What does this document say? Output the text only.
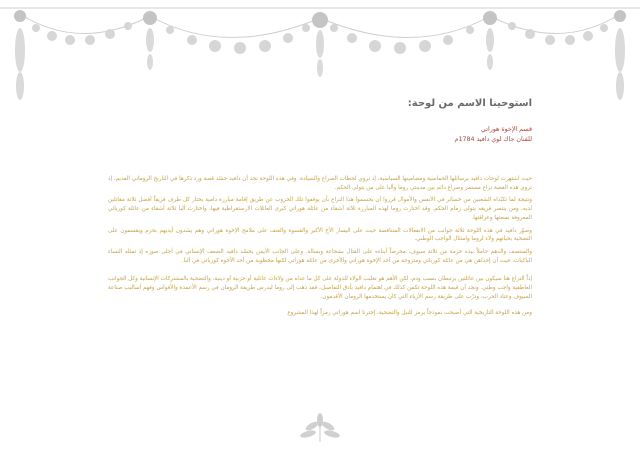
استوحينا الاسم من لوحة:

قسم الإخوة هوراتي

للفنان جاك لوي دافيد 1784م

حيث اشتهرت لوحات دافيد برسائلها الحماسية ومضامينها السياسية، إذ تروي لحظات الصراع والسيادة. وفي هذه اللوحة نجد أن دافيد جسّد قصة ورد ذكرها في التاريخ الروماني القديم، إذ تروي هذه القصة نزاع مستمر وصراع دائم بين مدينتي روما وألبا على من يتولى الحكم.

ونتيجة لما تكبّداه الشعبين من خسائر في الأنفس والأموال قرروا أن يحسموا هذا النزاع بأن يوقفوا تلك الحروب عن طريق إقامة مبارزة دامية يختار كل طرف فريقاً أفضل ثلاثة مقاتلين لديه، ومن ينتصر فريقه يتولى زمام الحكم. وقد اختارت روما لهذه المبارزة ثلاثة أشقاء من عائلة هوراتي كبرى العائلات الارستقراطية فيها، واختارت ألبا ثلاثة أشقاء من عائلة كورياتي المعروفة بمنعتها وعراقتها.

وصوّر دافيد في هذه اللوحة ثلاثة جوانب من الانفعالات المتناقضة حيث على اليسار الأخ الأكبر والقسوة والعنف على ملامح الإخوة هوراتي وهم يشدون أيديهم بحزم ويقسمون على التضحية بحياتهم ولاء لروما وامتثال الواجب الوطني.

والمنتصف والدهم حاملاً بيده حزمة من ثلاثة سيوف، محرضاً أبناءه على القتال بشجاعة وبسالة. وعلى الجانب الأيمن يجسّد دافيد الضعف الإنساني في أجلى صوره إذ تمثله النساء الباكيات، حيث أن إحداهن هي من عائلة كورياتي ومتزوجة من أحد الإخوة هوراتي والأخرى من عائلة هوراتي لكنها مخطوبة من أحد الأخوة كورياتي في ألبا.

إذاً النزاع هنا سيكون بين عائلتين يرتبطان بنسب ودم، لكن الأهم هو تغليب الولاء للدولة على كل ما عداه من ولاءات عائلية أو حزبية أو دينية، والتضحية بالمشتركات الإنسانية وكل الجوانب العاطفية واجب وطني. ونجد أن قيمة هذه اللوحة تكمن كذلك في اهتمام دافيد بأدق التفاصيل، فقد ذهب إلى روما ليدرس طريقة الرومان في رسم الأعمدة والأقواس وفهم أساليب صناعة السيوف وعتاد الحرب، ودرّب على طريقة رسم الأزياء التي كان يستخدمها الرومان الأقدمون.

ومن هذه اللوحة التاريخية التي أصبحت نموذجاً يرمز للنبل والتضحية، إخترنا اسم هوراتي رمزاً لهذا المشروع
